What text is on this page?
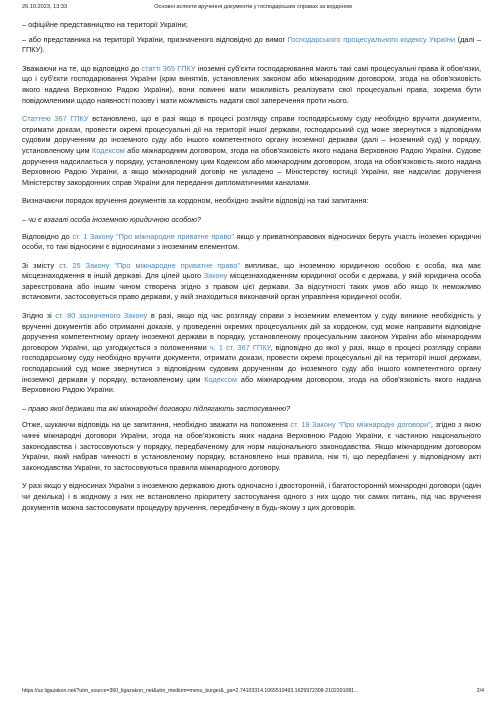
26.10.2023, 13:33	Основні аспекти вручення документів у господарських справах за кордоном

– офіційне представництво на території України;

– або представника на території України, призначеного відповідно до вимог Господарського процесуального кодексу України (далі – ГПКУ).

Зважаючи на те, що відповідно до статті 365 ГПКУ іноземні суб'єкти господарювання мають такі самі процесуальні права й обов'язки, що і суб'єкти господарювання України (крім винятків, установлених законом або міжнародним договором, згода на обов'язковість якого надана Верховною Радою України), вони повинні мати можливість реалізувати свої процесуальні права, зокрема бути повідомленими щодо наявності позову і мати можливість надати свої заперечення проти нього.

Статтею 367 ГПКУ встановлено, що в разі якщо в процесі розгляду справи господарському суду необхідно вручити документи, отримати докази, провести окремі процесуальні дії на території іншої держави, господарський суд може звернутися з відповідним судовим дорученням до іноземного суду або іншого компетентного органу іноземної держави (далі – іноземний суд) у порядку, установленому цим Кодексом або міжнародним договором, згода на обов'язковість якого надана Верховною Радою України. Судове доручення надсилається у порядку, установленому цим Кодексом або міжнародним договором, згода на обов'язковість якого надана Верховною Радою України, а якщо міжнародний договір не укладено – Міністерству юстиції України, яке надсилає доручення Міністерству закордонних справ України для передання дипломатичними каналами.

Визначаючи порядок вручення документів за кордоном, необхідно знайти відповіді на такі запитання:

– чи є взагалі особа іноземною юридичною особою?

Відповідно до ст. 1 Закону "Про міжнародне приватне право" якщо у приватноправових відносинах беруть участь іноземні юридичні особи, то такі відносини є відносинами з іноземним елементом.

Зі змісту ст. 25 Закону "Про міжнародне приватне право" випливає, що іноземною юридичною особою є особа, яка має місцезнаходження в іншій державі. Для цілей цього Закону місцезнаходженням юридичної особи є держава, у якій юридична особа зареєстрована або іншим чином створена згідно з правом цієї держави. За відсутності таких умов або якщо їх неможливо встановити, застосовується право держави, у якій знаходиться виконавчий орган управління юридичної особи.

Згідно зі ст. 80 зазначеного Закону в разі, якщо під час розгляду справи з іноземним елементом у суду виникне необхідність у врученні документів або отриманні доказів, у проведенні окремих процесуальних дій за кордоном, суд може направити відповідне доручення компетентному органу іноземної держави в порядку, установленому процесуальним законом України або міжнародним договором України, що узгоджується з положеннями ч. 1 ст. 367 ГПКУ, відповідно до якої у разі, якщо в процесі розгляду справи господарському суду необхідно вручити документи, отримати докази, провести окремі процесуальні дії на території іншої держави, господарський суд може звернутися з відповідним судовим дорученням до іноземного суду або іншого компетентного органу іноземної держави у порядку, встановленому цим Кодексом або міжнародним договором, згода на обов'язковість якого надана Верховною Радою України.

– право якої держави та які міжнародні договори підлягають застосуванню?

Отже, шукаючи відповідь на це запитання, необхідно зважати на положення ст. 19 Закону "Про міжнародні договори", згідно з якою чинні міжнародні договори України, згода на обов'язковість яких надана Верховною Радою України, є частиною національного законодавства і застосовуються у порядку, передбаченому для норм національного законодавства. Якщо міжнародним договором України, який набрав чинності в установленому порядку, встановлено інші правила, ніж ті, що передбачені у відповідному акті законодавства України, то застосовуються правила міжнародного договору.

У разі якщо у відносинах України з іноземною державою діють одночасно і двосторонній, і багатосторонній міжнародні договори (один чи декілька) і в жодному з них не встановлено пріоритету застосування одного з них щодо тих самих питань, під час вручення документів можна застосовувати процедуру вручення, передбачену в будь-якому з цих договорів.

https://uz.ligazakon.net/?utm_source=360_ligazakon_net&utm_medium=menu_burger&_ga=2.74103314.1065510493.1629972308-2102391081...	2/4
